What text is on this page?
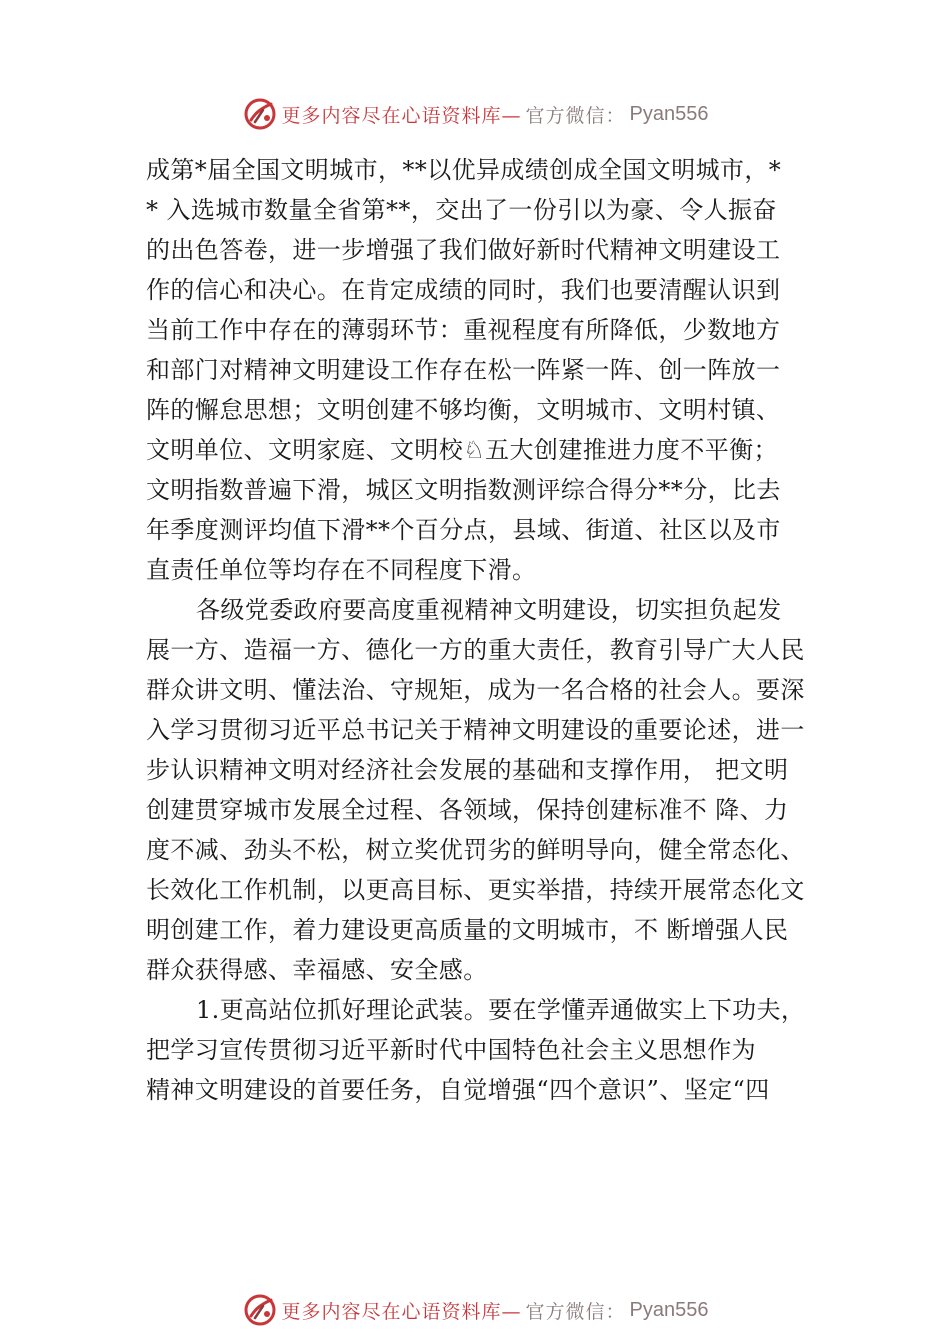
更多内容尽在心语资料库— 官方微信： Pyan556
成第*届全国文明城市，**以优异成绩创成全国文明城市，*
* 入选城市数量全省第**，交出了一份引以为豪、令人振奋
的出色答卷，进一步增强了我们做好新时代精神文明建设工
作的信心和决心。在肯定成绩的同时，我们也要清醒认识到
当前工作中存在的薄弱环节：重视程度有所降低，少数地方
和部门对精神文明建设工作存在松一阵紧一阵、创一阵放一
阵的懈怠思想；文明创建不够均衡，文明城市、文明村镇、
文明单位、文明家庭、文明校♘五大创建推进力度不平衡；
文明指数普遍下滑，城区文明指数测评综合得分**分，比去
年季度测评均值下滑**个百分点，县域、街道、社区以及市
直责任单位等均存在不同程度下滑。
各级党委政府要高度重视精神文明建设，切实担负起发
展一方、造福一方、德化一方的重大责任，教育引导广大人民
群众讲文明、懂法治、守规矩，成为一名合格的社会人。要深
入学习贯彻习近平总书记关于精神文明建设的重要论述，进一
步认识精神文明对经济社会发展的基础和支撑作用， 把文明
创建贯穿城市发展全过程、各领域，保持创建标准不 降、力
度不减、劲头不松，树立奖优罚劣的鲜明导向，健全常态化、
长效化工作机制，以更高目标、更实举措，持续开展常态化文
明创建工作，着力建设更高质量的文明城市，不 断增强人民
群众获得感、幸福感、安全感。
1.更高站位抓好理论武装。要在学懂弄通做实上下功夫，
把学习宣传贯彻习近平新时代中国特色社会主义思想作为
精神文明建设的首要任务，自觉增强“四个意识”、坚定“四
更多内容尽在心语资料库— 官方微信： Pyan556
